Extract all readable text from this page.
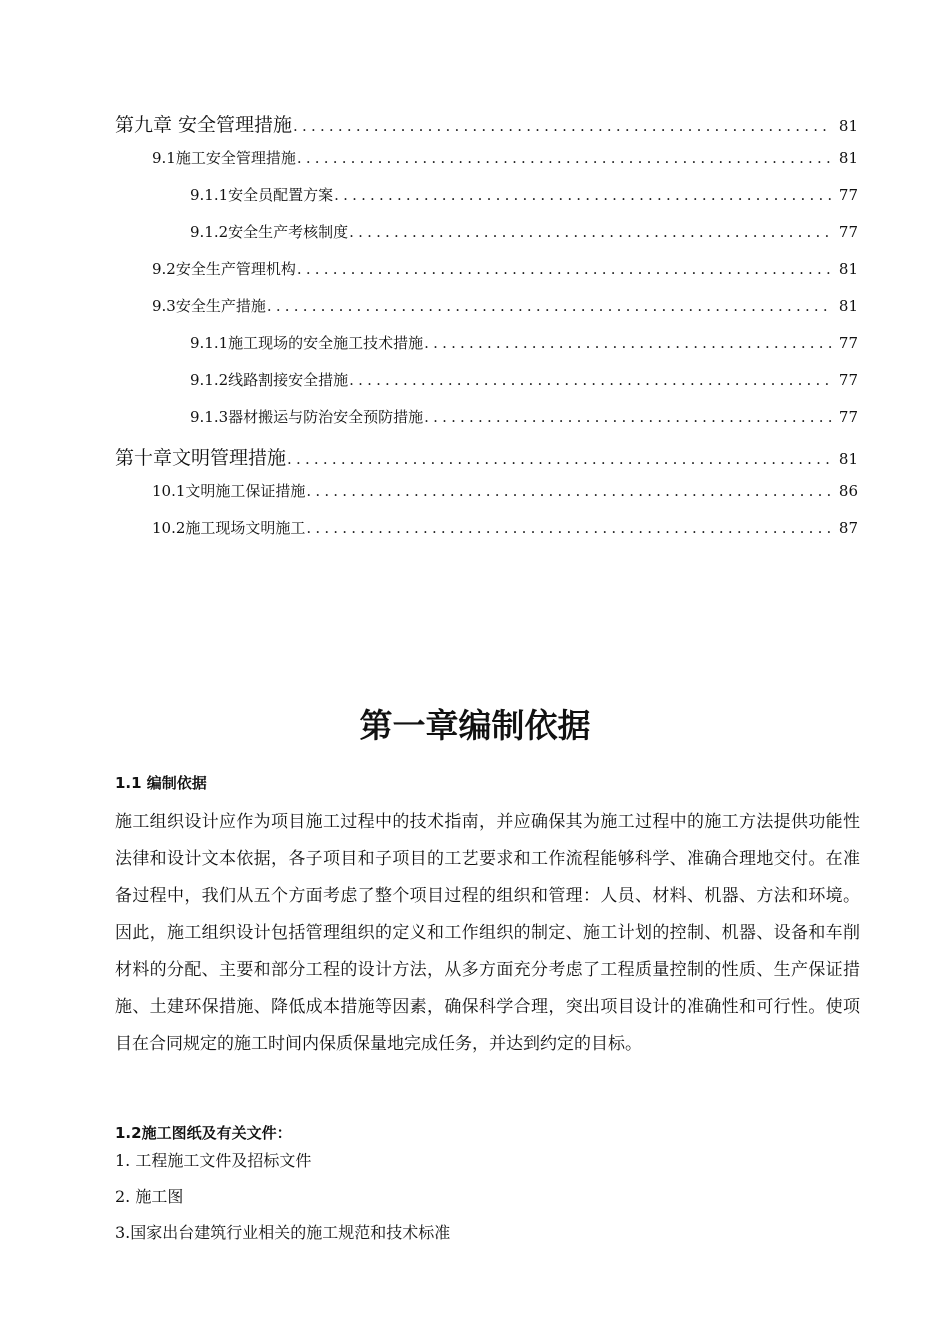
第九章 安全管理措施 .....	81
9.1施工安全管理措施 .....	81
9.1.1安全员配置方案 .....	77
9.1.2安全生产考核制度 .....	77
9.2安全生产管理机构 .....	81
9.3安全生产措施 .....	81
9.1.1施工现场的安全施工技术措施 .....	77
9.1.2线路割接安全措施 .....	77
9.1.3器材搬运与防治安全预防措施 .....	77
第十章文明管理措施 .....	81
10.1文明施工保证措施 .....	86
10.2施工现场文明施工 .....	87
第一章编制依据
1.1 编制依据

施工组织设计应作为项目施工过程中的技术指南，并应确保其为施工过程中的施工方法提供功能性法律和设计文本依据，各子项目和子项目的工艺要求和工作流程能够科学、准确合理地交付。在准备过程中，我们从五个方面考虑了整个项目过程的组织和管理：人员、材料、机器、方法和环境。因此，施工组织设计包括管理组织的定义和工作组织的制定、施工计划的控制、机器、设备和车削材料的分配、主要和部分工程的设计方法，从多方面充分考虑了工程质量控制的性质、生产保证措施、土建环保措施、降低成本措施等因素，确保科学合理，突出项目设计的准确性和可行性。使项目在合同规定的施工时间内保质保量地完成任务，并达到约定的目标。

1.2施工图纸及有关文件：

1. 工程施工文件及招标文件

2. 施工图

3.国家出台建筑行业相关的施工规范和技术标准
